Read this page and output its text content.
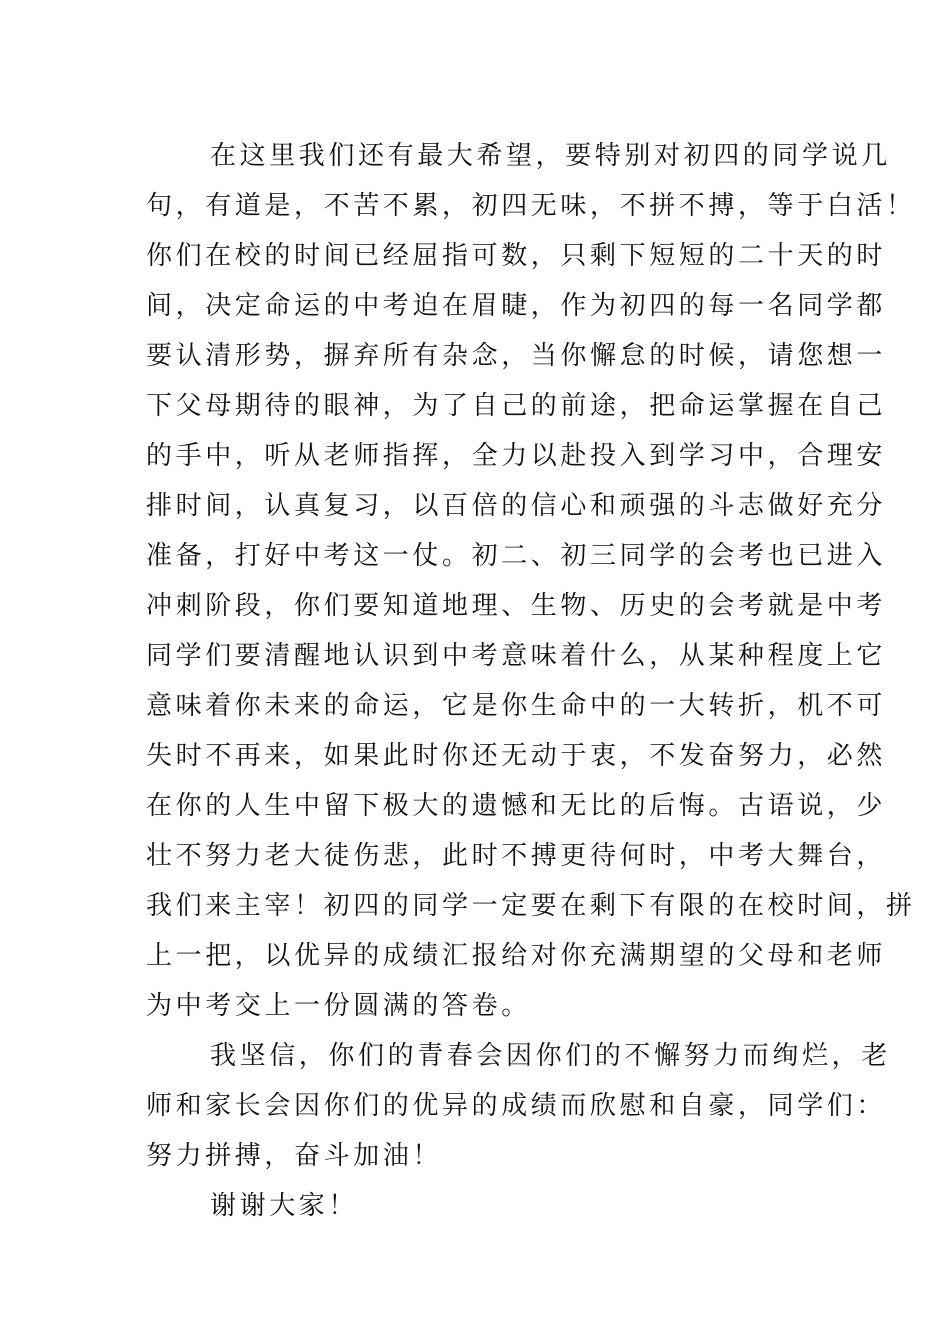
在这里我们还有最大希望，要特别对初四的同学说几
句，有道是，不苦不累，初四无味，不拼不搏，等于白活！
你们在校的时间已经屈指可数，只剩下短短的二十天的时
间，决定命运的中考迫在眉睫，作为初四的每一名同学都
要认清形势，摒弃所有杂念，当你懈怠的时候，请您想一
下父母期待的眼神，为了自己的前途，把命运掌握在自己
的手中，听从老师指挥，全力以赴投入到学习中，合理安
排时间，认真复习，以百倍的信心和顽强的斗志做好充分
准备，打好中考这一仗。初二、初三同学的会考也已进入
冲刺阶段，你们要知道地理、生物、历史的会考就是中考
同学们要清醒地认识到中考意味着什么，从某种程度上它
意味着你未来的命运，它是你生命中的一大转折，机不可
失时不再来，如果此时你还无动于衷，不发奋努力，必然
在你的人生中留下极大的遗憾和无比的后悔。古语说，少
壮不努力老大徒伤悲，此时不搏更待何时，中考大舞台，
我们来主宰！初四的同学一定要在剩下有限的在校时间，拼
上一把，以优异的成绩汇报给对你充满期望的父母和老师
为中考交上一份圆满的答卷。
我坚信，你们的青春会因你们的不懈努力而绚烂，老
师和家长会因你们的优异的成绩而欣慰和自豪，同学们：
努力拼搏，奋斗加油！
谢谢大家！
